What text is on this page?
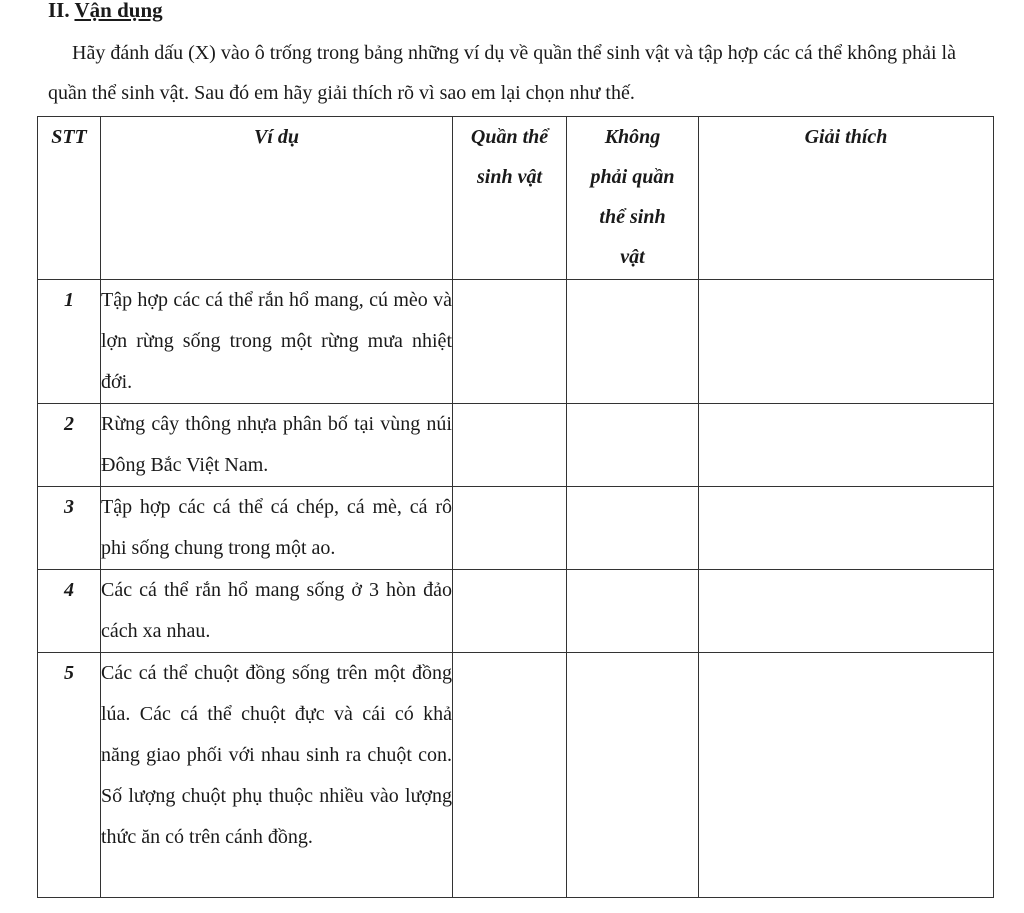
II. Vận dụng

Hãy đánh dấu (X) vào ô trống trong bảng những ví dụ về quần thể sinh vật và tập hợp các cá thể không phải là quần thể sinh vật. Sau đó em hãy giải thích rõ vì sao em lại chọn như thế.

STT	Ví dụ	Quần thể sinh vật	Không phải quần thể sinh vật	Giải thích
1	Tập hợp các cá thể rắn hổ mang, cú mèo và lợn rừng sống trong một rừng mưa nhiệt đới.			
2	Rừng cây thông nhựa phân bố tại vùng núi Đông Bắc Việt Nam.			
3	Tập hợp các cá thể cá chép, cá mè, cá rô phi sống chung trong một ao.			
4	Các cá thể rắn hổ mang sống ở 3 hòn đảo cách xa nhau.			
5	Các cá thể chuột đồng sống trên một đồng lúa. Các cá thể chuột đực và cái có khả năng giao phối với nhau sinh ra chuột con. Số lượng chuột phụ thuộc nhiều vào lượng thức ăn có trên cánh đồng.			
